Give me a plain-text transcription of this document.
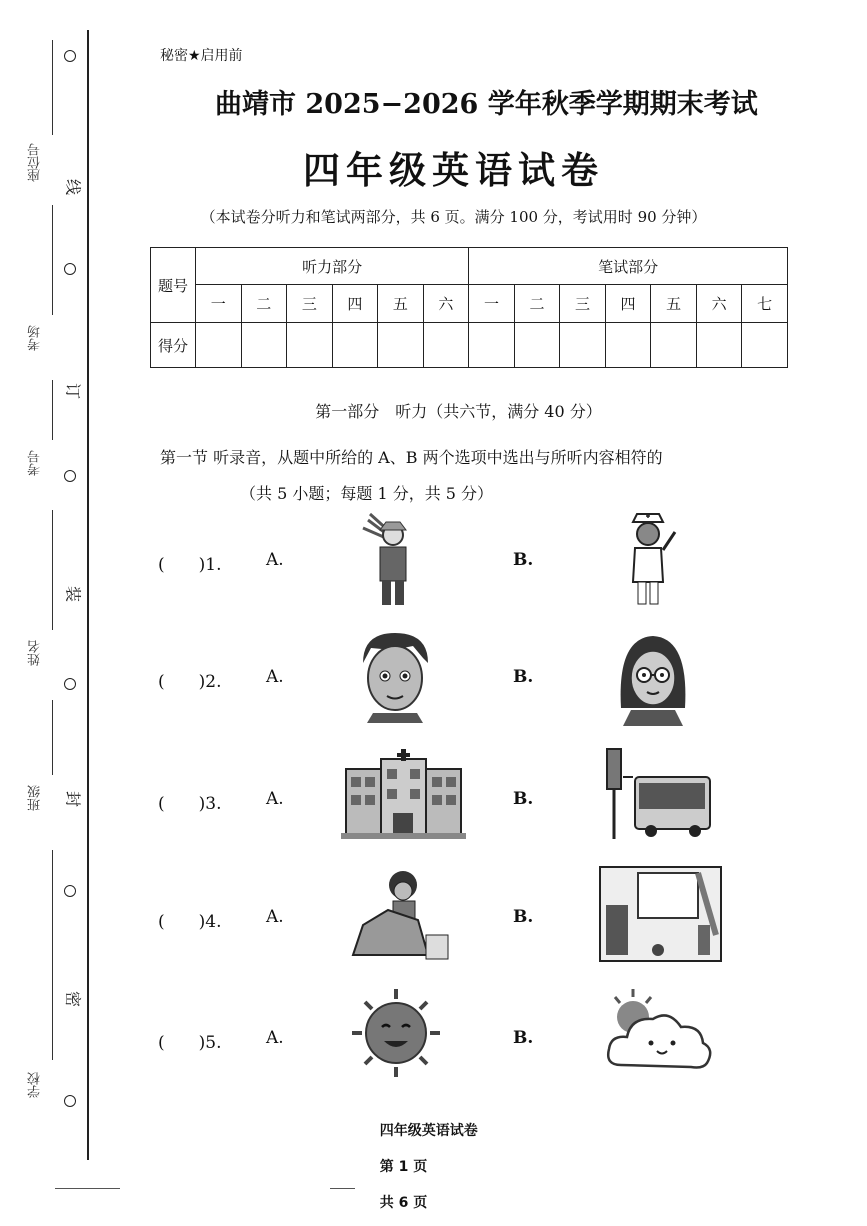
座位号
考场
考号
姓名
班级
学校
线
订
装
封
密
秘密★启用前
曲靖市 2025−2026 学年秋季学期期末考试
四年级英语试卷
（本试卷分听力和笔试两部分，共 6 页。满分 100 分，考试用时 90 分钟）
题号	听力部分						笔试部分						
	一	二	三	四	五	六	一	二	三	四	五	六	七
得分													
第一部分　听力（共六节，满分 40 分）
第一节 听录音，从题中所给的 A、B 两个选项中选出与所听内容相符的
（共 5 小题；每题 1 分，共 5 分）
(　　)1.	A.	B.
(　　)2.	A.	B.
(　　)3.	A.	B.
(　　)4.	A.	B.
(　　)5.	A.	B.

四年级英语试卷

第 1 页

共 6 页
